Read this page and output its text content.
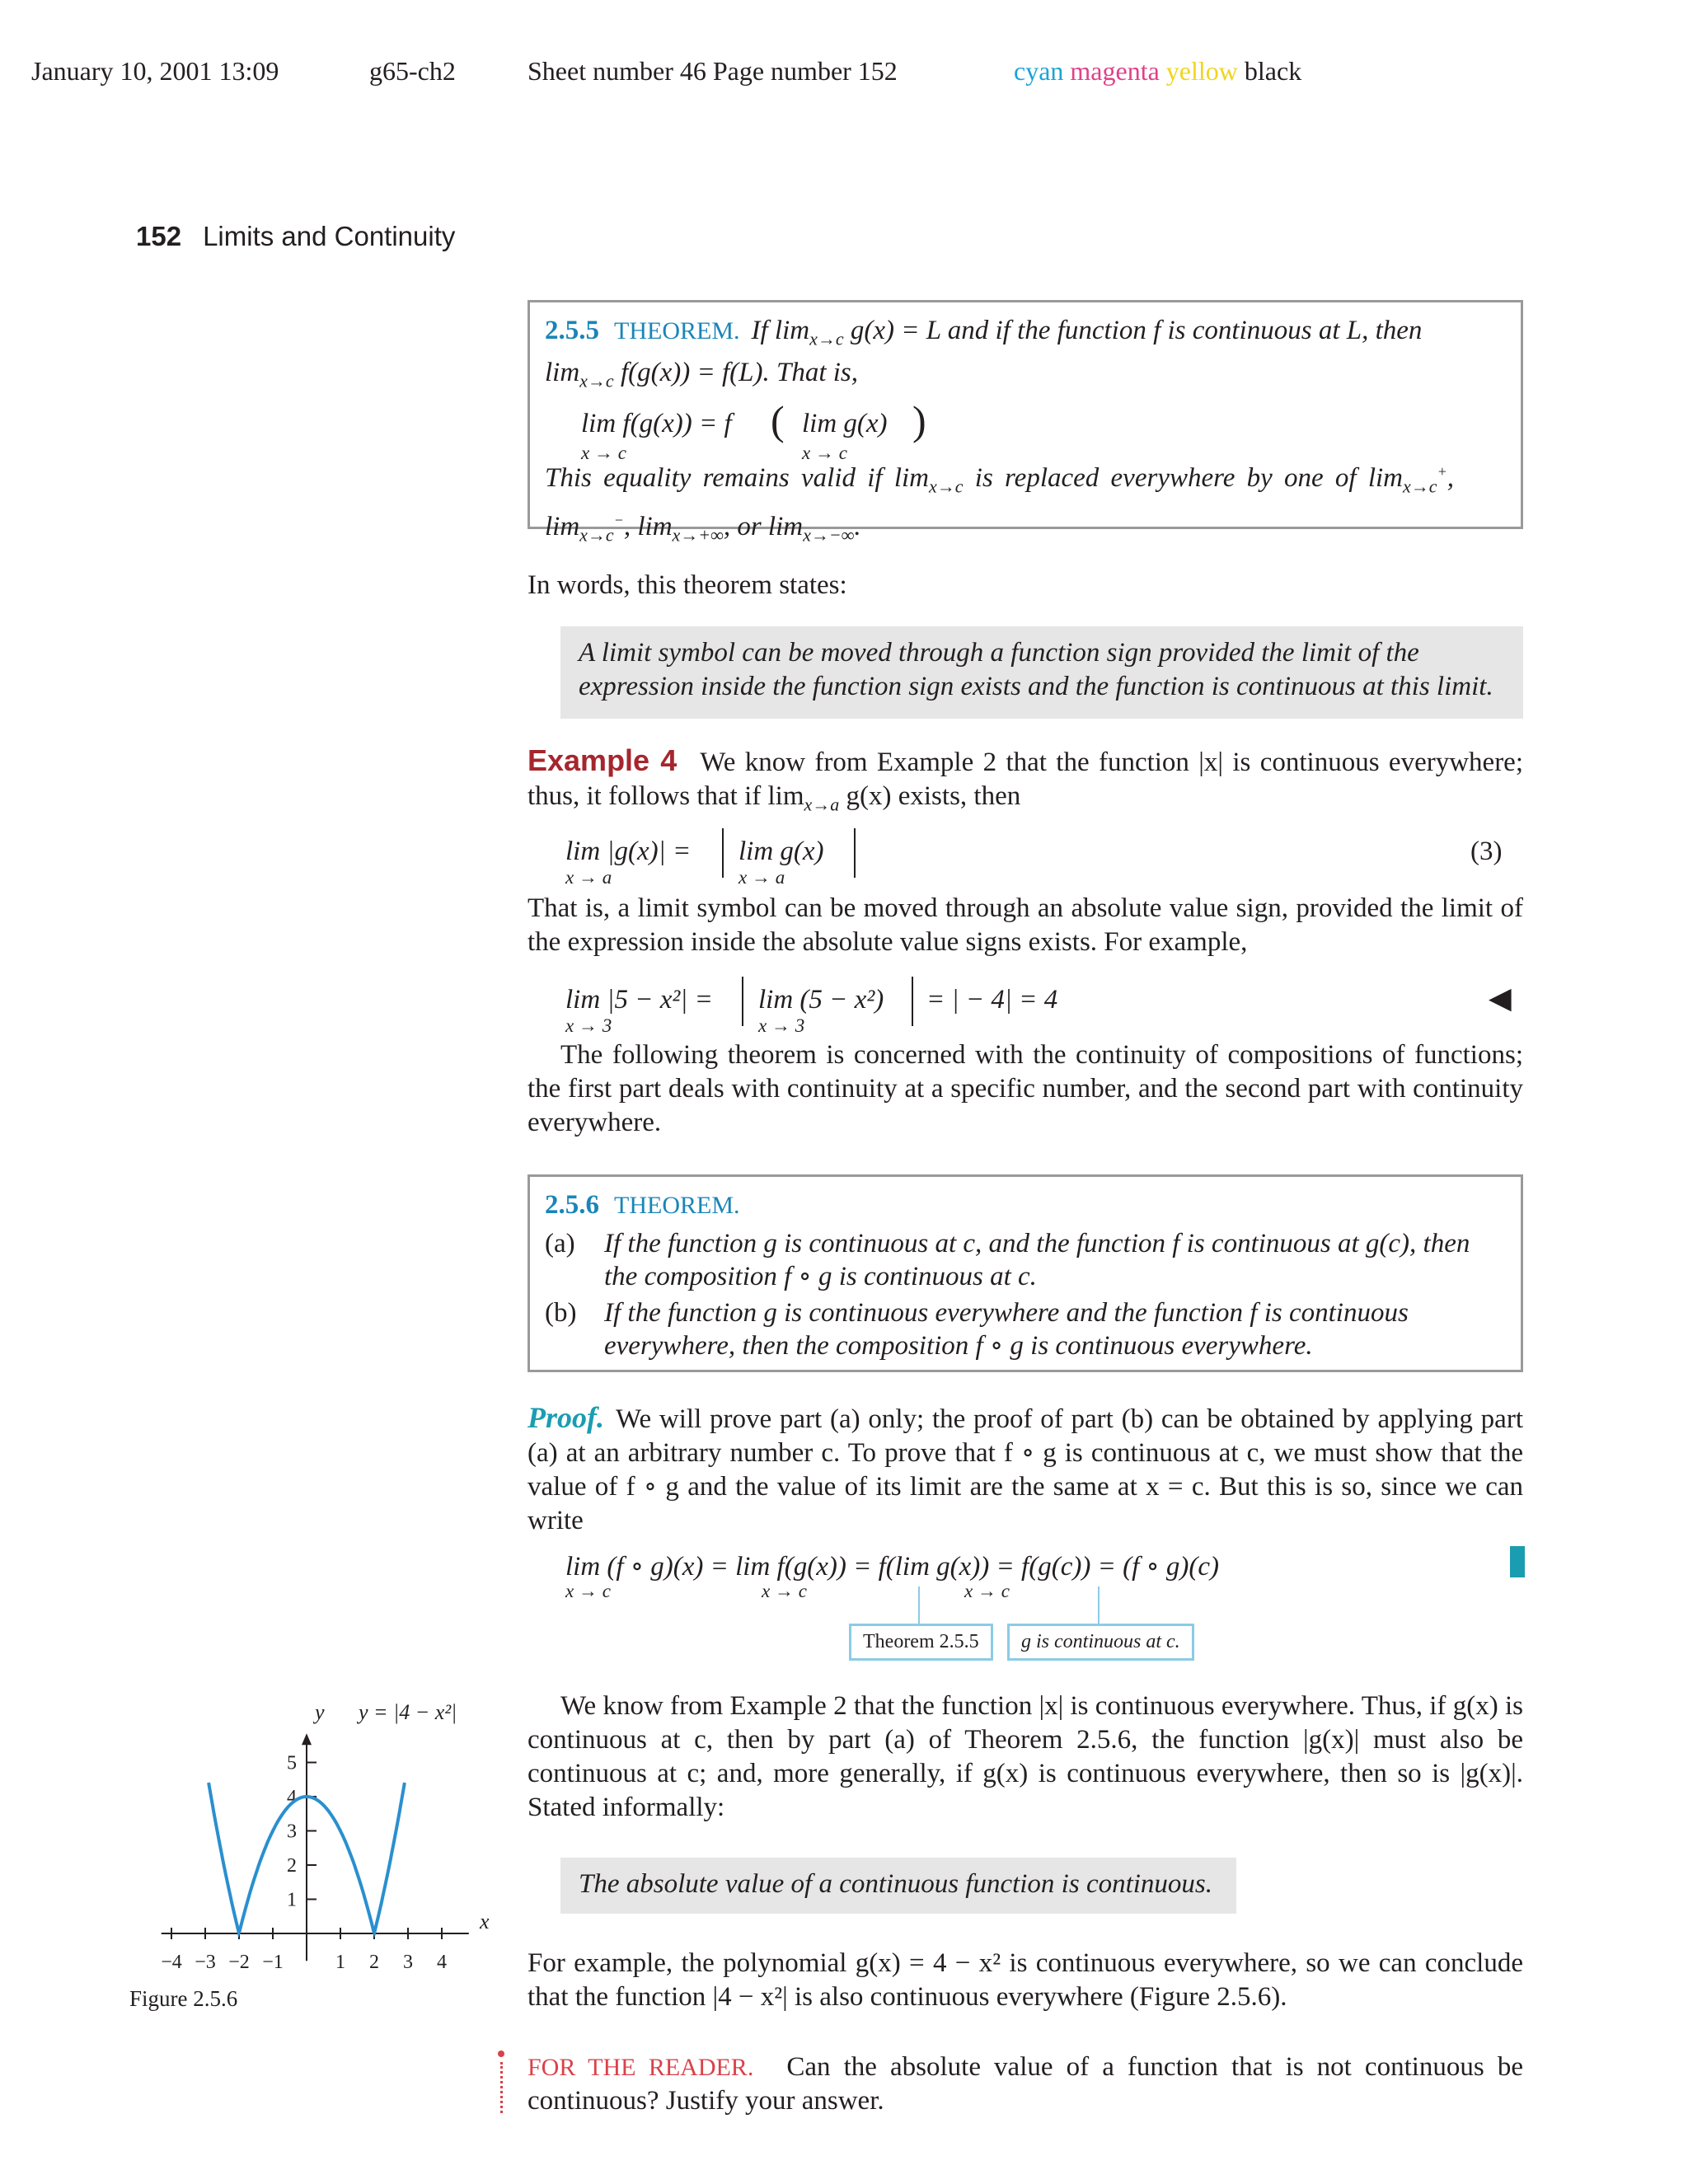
January 10, 2001 13:09	g65-ch2	Sheet number 46 Page number 152	cyan magenta yellow black
152 Limits and Continuity
2.5.5 THEOREM. If $\lim_{x\to c} g(x) = L$ and if the function f is continuous at L, then
$\lim_{x\to c} f(g(x)) = f(L)$. That is,
lim f(g(x)) = f ( lim g(x) )
x → c	x → c
This equality remains valid if $\lim_{x\to c}$ is replaced everywhere by one of $\lim_{x\to c}^+$,
$\lim_{x\to c}^-$, $\lim_{x\to+\infty}$, or $\lim_{x\to-\infty}$.
In words, this theorem states:
A limit symbol can be moved through a function sign provided the limit of the expression inside the function sign exists and the function is continuous at this limit.
Example 4 We know from Example 2 that the function |x| is continuous everywhere; thus, it follows that if $\lim_{x\to a} g(x)$ exists, then
lim |g(x)| = lim g(x)
x → a	x → a
(3)
That is, a limit symbol can be moved through an absolute value sign, provided the limit of the expression inside the absolute value signs exists. For example,
lim |5 − x²| = lim (5 − x²) = | − 4| = 4
x → 3	x → 3
◀
The following theorem is concerned with the continuity of compositions of functions; the first part deals with continuity at a specific number, and the second part with continuity everywhere.
2.5.6 THEOREM.
(a)	If the function g is continuous at c, and the function f is continuous at g(c), then the composition f ∘ g is continuous at c.
(b)	If the function g is continuous everywhere and the function f is continuous everywhere, then the composition f ∘ g is continuous everywhere.
Proof. We will prove part (a) only; the proof of part (b) can be obtained by applying part (a) at an arbitrary number c. To prove that f ∘ g is continuous at c, we must show that the value of f ∘ g and the value of its limit are the same at x = c. But this is so, since we can write
lim (f ∘ g)(x) = lim f(g(x)) = f(lim g(x)) = f(g(c)) = (f ∘ g)(c)
x → c	x → c	x → c
Theorem 2.5.5	g is continuous at c.
We know from Example 2 that the function |x| is continuous everywhere. Thus, if g(x) is continuous at c, then by part (a) of Theorem 2.5.6, the function |g(x)| must also be continuous at c; and, more generally, if g(x) is continuous everywhere, then so is |g(x)|. Stated informally:
The absolute value of a continuous function is continuous.
For example, the polynomial g(x) = 4 − x² is continuous everywhere, so we can conclude that the function |4 − x²| is also continuous everywhere (Figure 2.5.6).
FOR THE READER. Can the absolute value of a function that is not continuous be continuous? Justify your answer.
−4 −3 −2 −1	1 2 3 4
1
2
3
4
5
y = |4 − x²|
y
x
Figure 2.5.6
